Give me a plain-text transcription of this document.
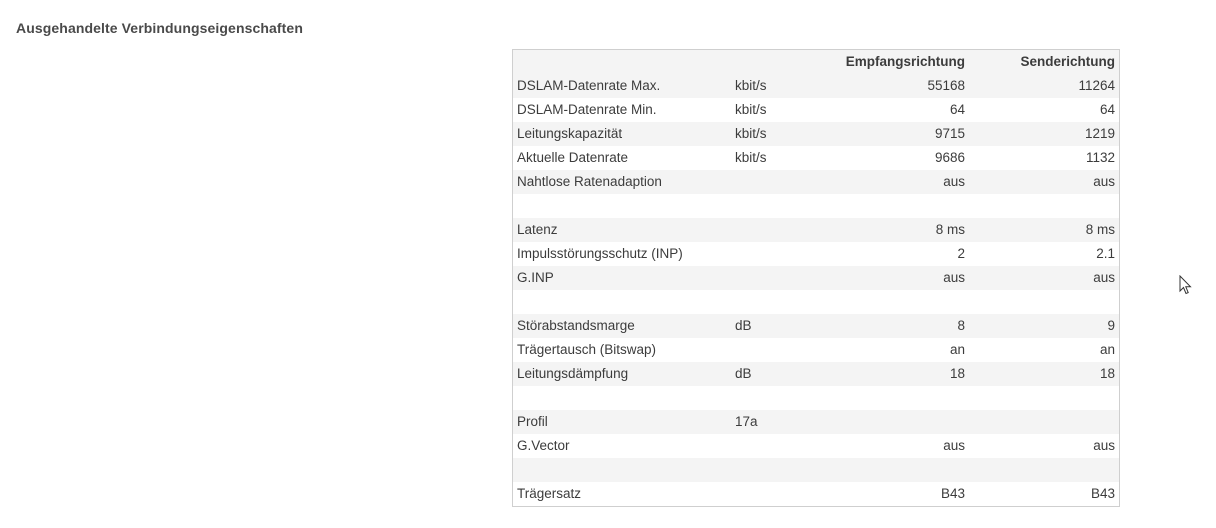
Ausgehandelte Verbindungseigenschaften
		Empfangsrichtung	Senderichtung
DSLAM-Datenrate Max.	kbit/s	55168	11264
DSLAM-Datenrate Min.	kbit/s	64	64
Leitungskapazität	kbit/s	9715	1219
Aktuelle Datenrate	kbit/s	9686	1132
Nahtlose Ratenadaption		aus	aus

Latenz		8 ms	8 ms
Impulsstörungsschutz (INP)		2	2.1
G.INP		aus	aus

Störabstandsmarge	dB	8	9
Trägertausch (Bitswap)		an	an
Leitungsdämpfung	dB	18	18

Profil	17a		
G.Vector		aus	aus

Trägersatz		B43	B43
